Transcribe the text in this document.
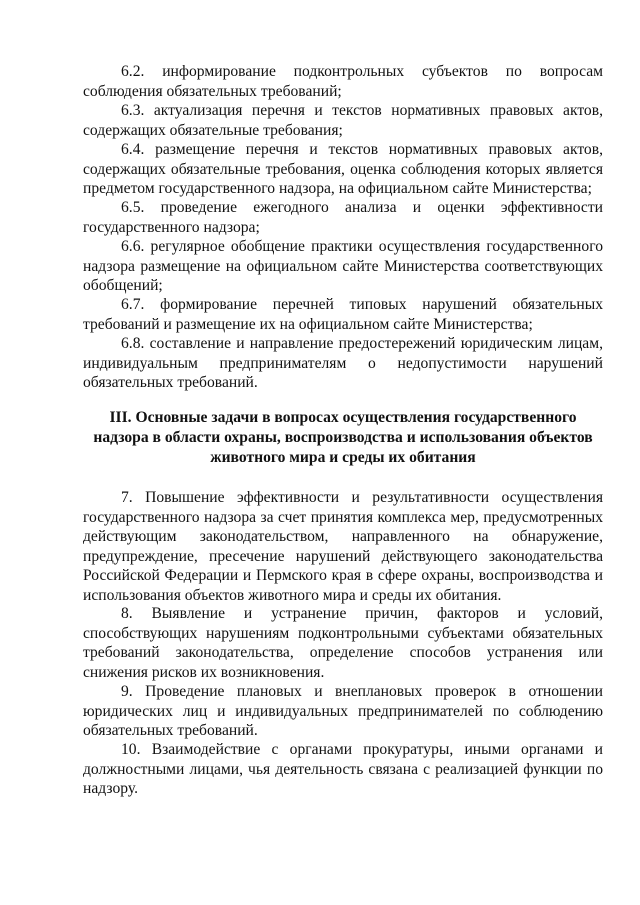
6.2. информирование подконтрольных субъектов по вопросам соблюдения обязательных требований;

6.3. актуализация перечня и текстов нормативных правовых актов, содержащих обязательные требования;

6.4. размещение перечня и текстов нормативных правовых актов, содержащих обязательные требования, оценка соблюдения которых является предметом государственного надзора, на официальном сайте Министерства;

6.5. проведение ежегодного анализа и оценки эффективности государственного надзора;

6.6. регулярное обобщение практики осуществления государственного надзора размещение на официальном сайте Министерства соответствующих обобщений;

6.7. формирование перечней типовых нарушений обязательных требований и размещение их на официальном сайте Министерства;

6.8. составление и направление предостережений юридическим лицам, индивидуальным предпринимателям о недопустимости нарушений обязательных требований.

III. Основные задачи в вопросах осуществления государственного
надзора в области охраны, воспроизводства и использования объектов
животного мира и среды их обитания

7. Повышение эффективности и результативности осуществления государственного надзора за счет принятия комплекса мер, предусмотренных действующим законодательством, направленного на обнаружение, предупреждение, пресечение нарушений действующего законодательства Российской Федерации и Пермского края в сфере охраны, воспроизводства и использования объектов животного мира и среды их обитания.

8. Выявление и устранение причин, факторов и условий, способствующих нарушениям подконтрольными субъектами обязательных требований законодательства, определение способов устранения или снижения рисков их возникновения.

9. Проведение плановых и внеплановых проверок в отношении юридических лиц и индивидуальных предпринимателей по соблюдению обязательных требований.

10. Взаимодействие с органами прокуратуры, иными органами и должностными лицами, чья деятельность связана с реализацией функции по надзору.
